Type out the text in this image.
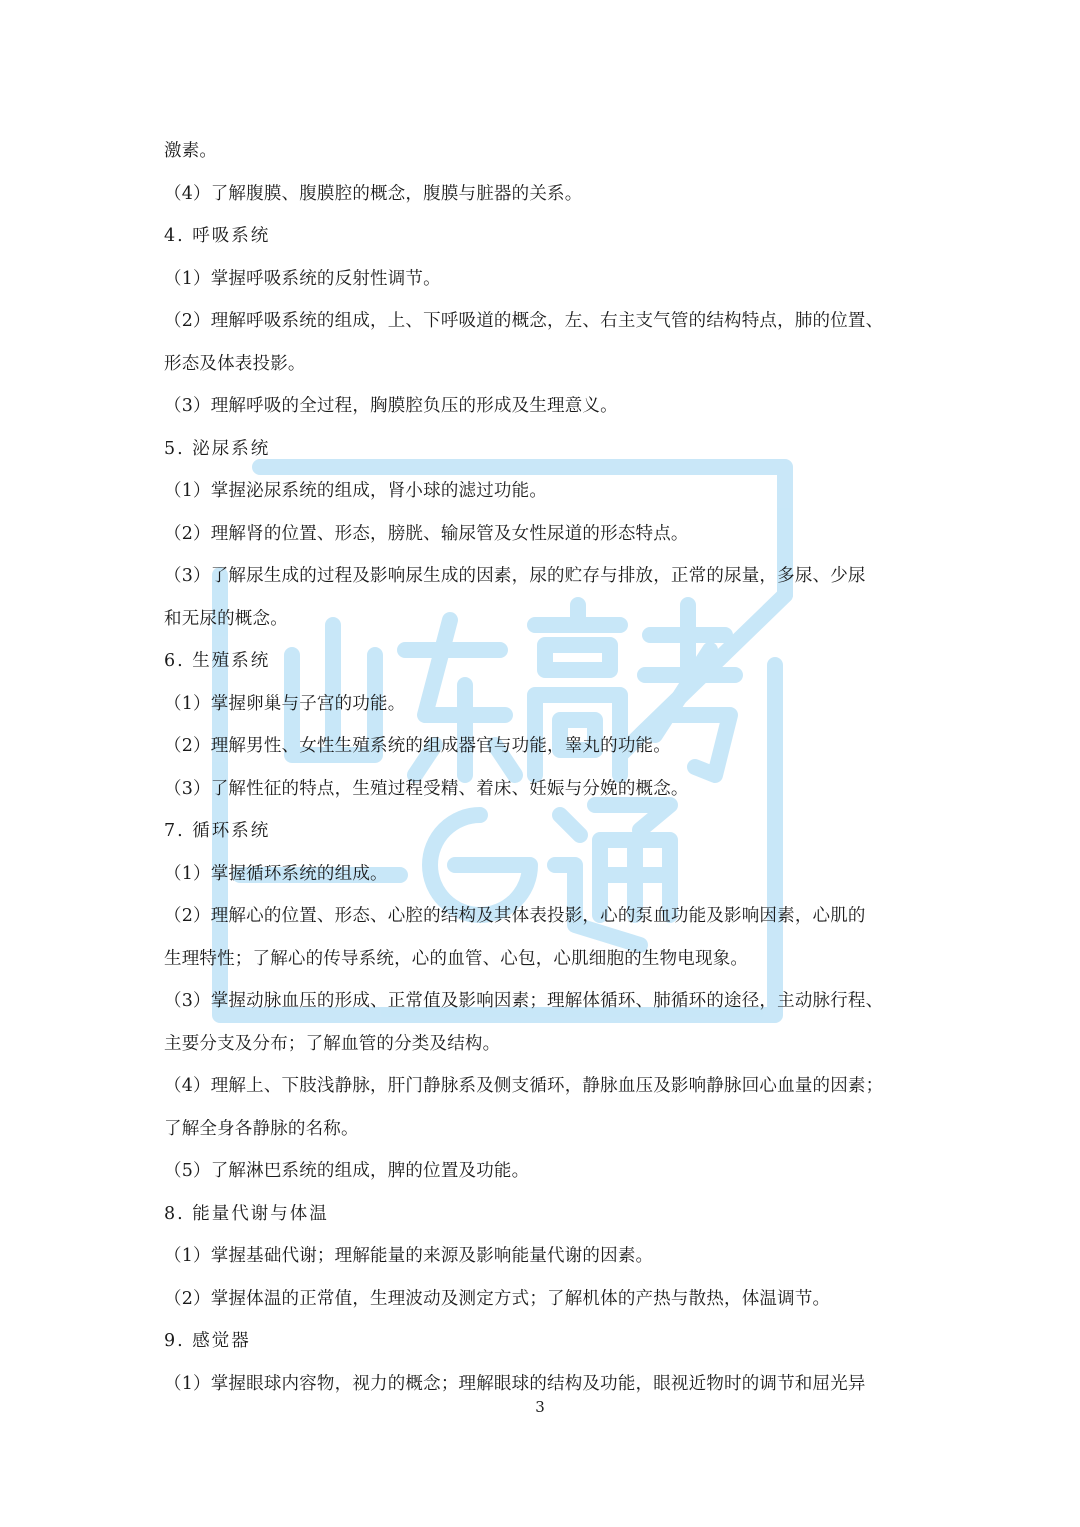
激素。
（4）了解腹膜、腹膜腔的概念，腹膜与脏器的关系。
4. 呼吸系统
（1）掌握呼吸系统的反射性调节。
（2）理解呼吸系统的组成，上、下呼吸道的概念，左、右主支气管的结构特点，肺的位置、
形态及体表投影。
（3）理解呼吸的全过程，胸膜腔负压的形成及生理意义。
5. 泌尿系统
（1）掌握泌尿系统的组成，肾小球的滤过功能。
（2）理解肾的位置、形态，膀胱、输尿管及女性尿道的形态特点。
（3）了解尿生成的过程及影响尿生成的因素，尿的贮存与排放，正常的尿量，多尿、少尿
和无尿的概念。
6. 生殖系统
（1）掌握卵巢与子宫的功能。
（2）理解男性、女性生殖系统的组成器官与功能，睾丸的功能。
（3）了解性征的特点，生殖过程受精、着床、妊娠与分娩的概念。
7. 循环系统
（1）掌握循环系统的组成。
（2）理解心的位置、形态、心腔的结构及其体表投影，心的泵血功能及影响因素，心肌的
生理特性；了解心的传导系统，心的血管、心包，心肌细胞的生物电现象。
（3）掌握动脉血压的形成、正常值及影响因素；理解体循环、肺循环的途径，主动脉行程、
主要分支及分布；了解血管的分类及结构。
（4）理解上、下肢浅静脉，肝门静脉系及侧支循环，静脉血压及影响静脉回心血量的因素；
了解全身各静脉的名称。
（5）了解淋巴系统的组成，脾的位置及功能。
8. 能量代谢与体温
（1）掌握基础代谢；理解能量的来源及影响能量代谢的因素。
（2）掌握体温的正常值，生理波动及测定方式；了解机体的产热与散热，体温调节。
9. 感觉器
（1）掌握眼球内容物，视力的概念；理解眼球的结构及功能，眼视近物时的调节和屈光异
3
